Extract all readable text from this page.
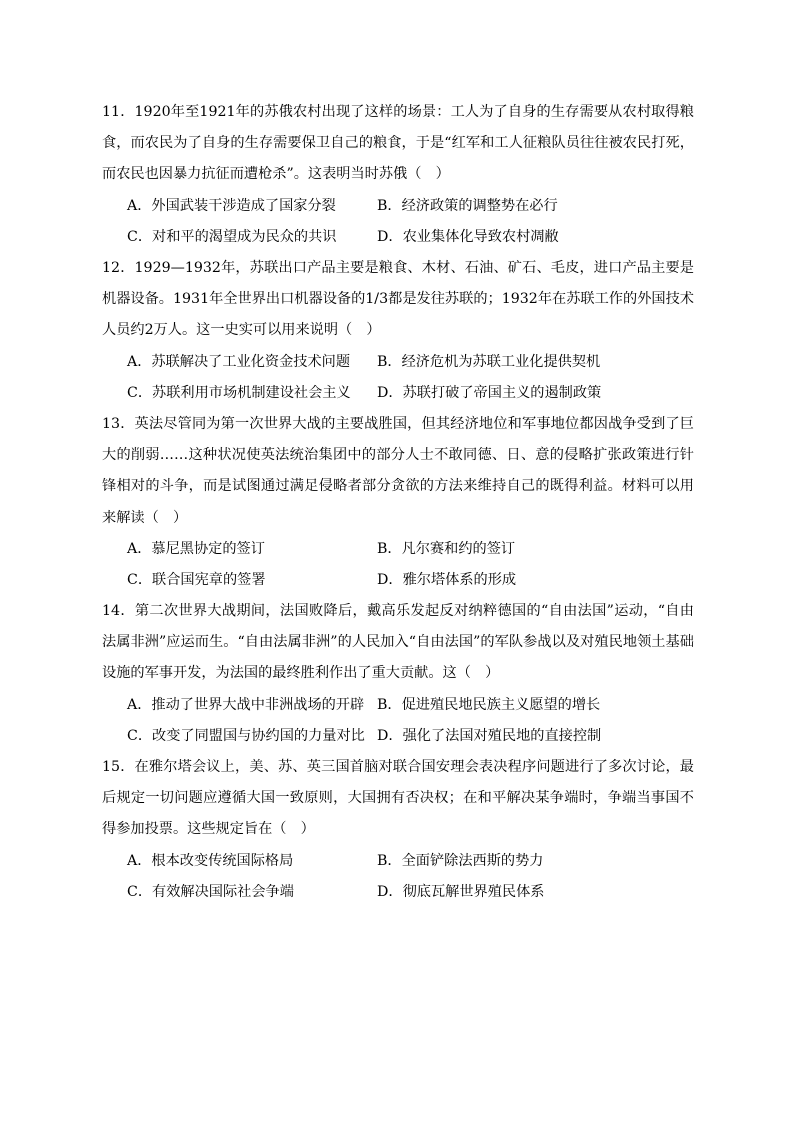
11．1920年至1921年的苏俄农村出现了这样的场景：工人为了自身的生存需要从农村取得粮食，而农民为了自身的生存需要保卫自己的粮食，于是“红军和工人征粮队员往往被农民打死，而农民也因暴力抗征而遭枪杀”。这表明当时苏俄（　）

A．外国武装干涉造成了国家分裂	B．经济政策的调整势在必行
C．对和平的渴望成为民众的共识	D．农业集体化导致农村凋敝

12．1929—1932年，苏联出口产品主要是粮食、木材、石油、矿石、毛皮，进口产品主要是机器设备。1931年全世界出口机器设备的1/3都是发往苏联的；1932年在苏联工作的外国技术人员约2万人。这一史实可以用来说明（　）

A．苏联解决了工业化资金技术问题 B．经济危机为苏联工业化提供契机
C．苏联利用市场机制建设社会主义 D．苏联打破了帝国主义的遏制政策

13．英法尽管同为第一次世界大战的主要战胜国，但其经济地位和军事地位都因战争受到了巨大的削弱……这种状况使英法统治集团中的部分人士不敢同德、日、意的侵略扩张政策进行针锋相对的斗争，而是试图通过满足侵略者部分贪欲的方法来维持自己的既得利益。材料可以用来解读（　）

A．慕尼黑协定的签订	B．凡尔赛和约的签订
C．联合国宪章的签署	D．雅尔塔体系的形成

14．第二次世界大战期间，法国败降后，戴高乐发起反对纳粹德国的“自由法国”运动，“自由法属非洲”应运而生。“自由法属非洲”的人民加入“自由法国”的军队参战以及对殖民地领土基础设施的军事开发，为法国的最终胜利作出了重大贡献。这（　）

A．推动了世界大战中非洲战场的开辟 B．促进殖民地民族主义愿望的增长
C．改变了同盟国与协约国的力量对比 D．强化了法国对殖民地的直接控制

15．在雅尔塔会议上，美、苏、英三国首脑对联合国安理会表决程序问题进行了多次讨论，最后规定一切问题应遵循大国一致原则，大国拥有否决权；在和平解决某争端时，争端当事国不得参加投票。这些规定旨在（　）

A．根本改变传统国际格局	B．全面铲除法西斯的势力
C．有效解决国际社会争端	D．彻底瓦解世界殖民体系
